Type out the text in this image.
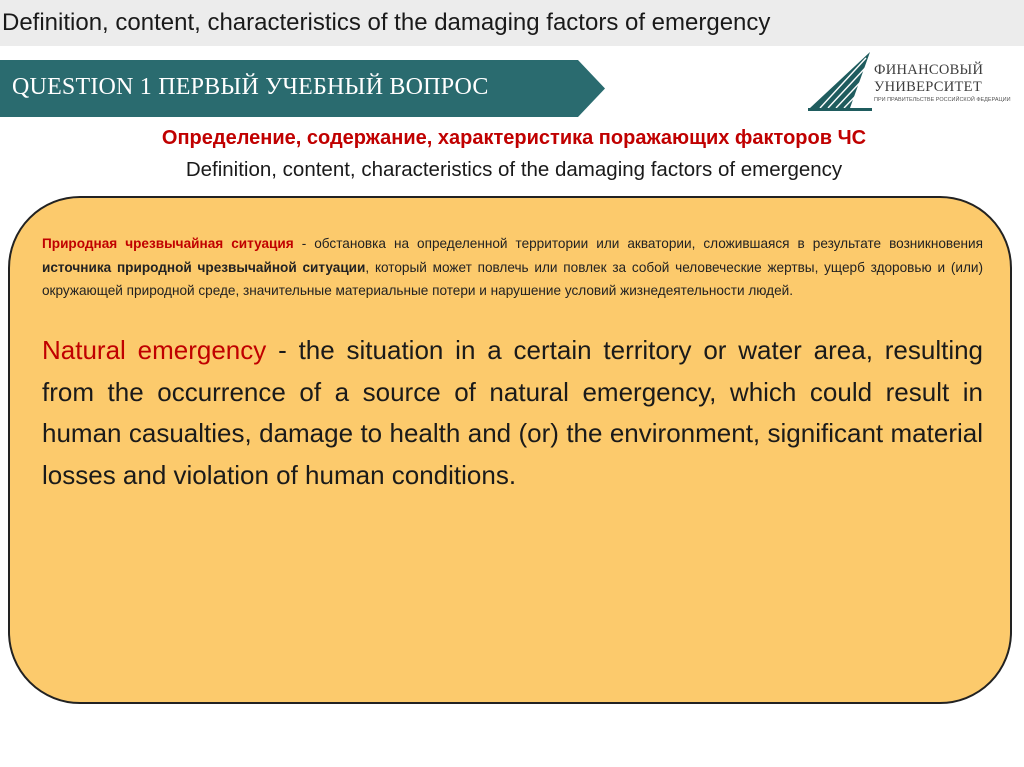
Definition, content, characteristics of the damaging factors of emergency
QUESTION 1 ПЕРВЫЙ УЧЕБНЫЙ ВОПРОС
ФИНАНСОВЫЙ
УНИВЕРСИТЕТ
ПРИ ПРАВИТЕЛЬСТВЕ РОССИЙСКОЙ ФЕДЕРАЦИИ
Определение, содержание, характеристика поражающих факторов ЧС
Definition, content, characteristics of the damaging factors of emergency
Природная чрезвычайная ситуация - обстановка на определенной территории или акватории, сложившаяся в результате возникновения источника природной чрезвычайной ситуации, который может повлечь или повлек за собой человеческие жертвы, ущерб здоровью и (или) окружающей природной среде, значительные материальные потери и нарушение условий жизнедеятельности людей.
Natural emergency - the situation in a certain territory or water area, resulting from the occurrence of a source of natural emergency, which could result in human casualties, damage to health and (or) the environment, significant material losses and violation of human conditions.
